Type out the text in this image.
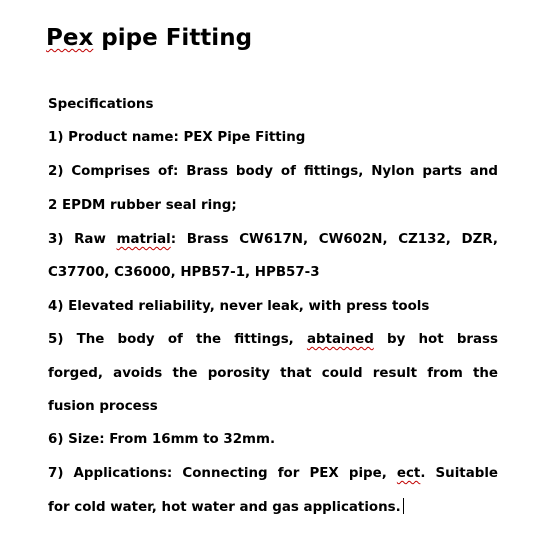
Pex pipe Fitting

Specifications

1) Product name: PEX Pipe Fitting

2) Comprises of: Brass body of fittings, Nylon parts and

2 EPDM rubber seal ring;

3) Raw matrial: Brass CW617N, CW602N, CZ132, DZR,

C37700, C36000, HPB57-1, HPB57-3

4) Elevated reliability, never leak, with press tools

5) The body of the fittings, abtained by hot brass

forged, avoids the porosity that could result from the

fusion process

6) Size: From 16mm to 32mm.

7) Applications: Connecting for PEX pipe, ect. Suitable

for cold water, hot water and gas applications.
